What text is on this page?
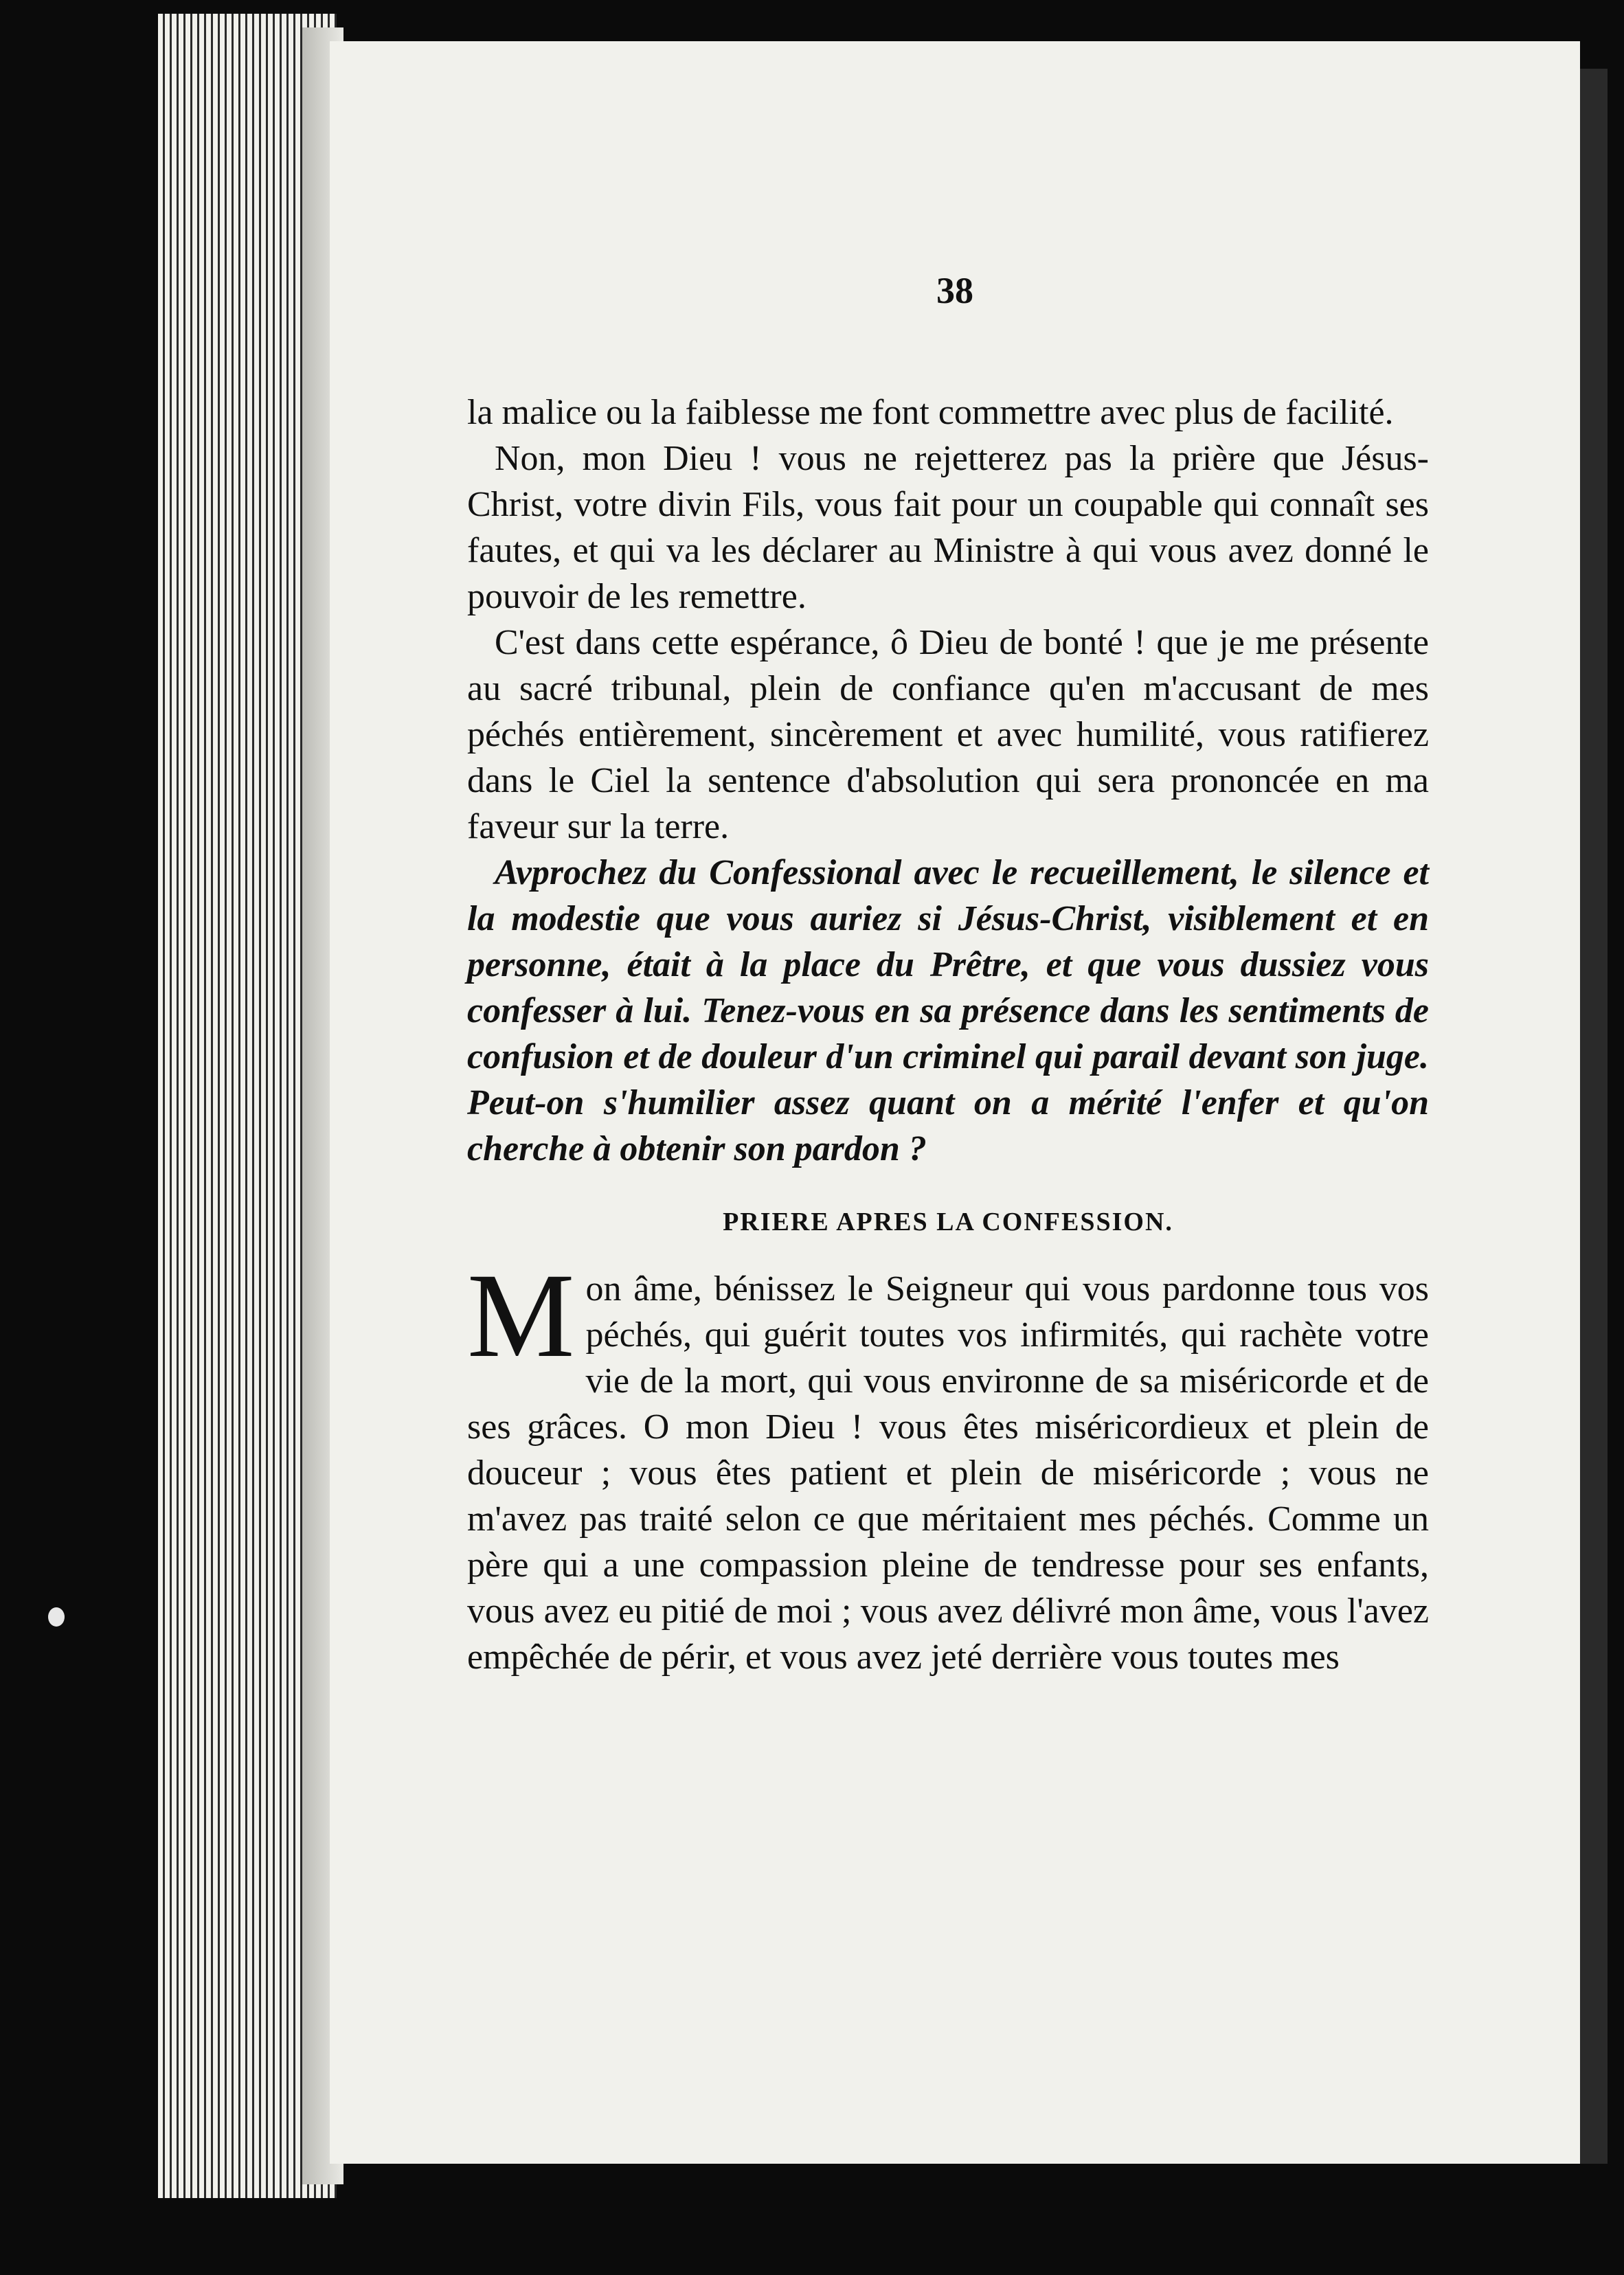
38

la malice ou la faiblesse me font commettre avec plus de facilité.

Non, mon Dieu ! vous ne rejetterez pas la prière que Jésus-Christ, votre divin Fils, vous fait pour un coupable qui connaît ses fautes, et qui va les déclarer au Ministre à qui vous avez donné le pouvoir de les remettre.

C'est dans cette espérance, ô Dieu de bonté ! que je me présente au sacré tribunal, plein de confiance qu'en m'accusant de mes péchés entièrement, sincèrement et avec humilité, vous ratifierez dans le Ciel la sentence d'absolution qui sera prononcée en ma faveur sur la terre.

Avprochez du Confessional avec le recueillement, le silence et la modestie que vous auriez si Jésus-Christ, visiblement et en personne, était à la place du Prêtre, et que vous dussiez vous confesser à lui. Tenez-vous en sa présence dans les sentiments de confusion et de douleur d'un criminel qui parail devant son juge. Peut-on s'humilier assez quant on a mérité l'enfer et qu'on cherche à obtenir son pardon ?

PRIERE APRES LA CONFESSION.

M on âme, bénissez le Seigneur qui vous pardonne tous vos péchés, qui guérit toutes vos infirmités, qui rachète votre vie de la mort, qui vous environne de sa miséricorde et de ses grâces. O mon Dieu ! vous êtes miséricordieux et plein de douceur ; vous êtes patient et plein de miséricorde ; vous ne m'avez pas traité selon ce que méritaient mes péchés. Comme un père qui a une compassion pleine de tendresse pour ses enfants, vous avez eu pitié de moi ; vous avez délivré mon âme, vous l'avez empêchée de périr, et vous avez jeté derrière vous toutes mes
